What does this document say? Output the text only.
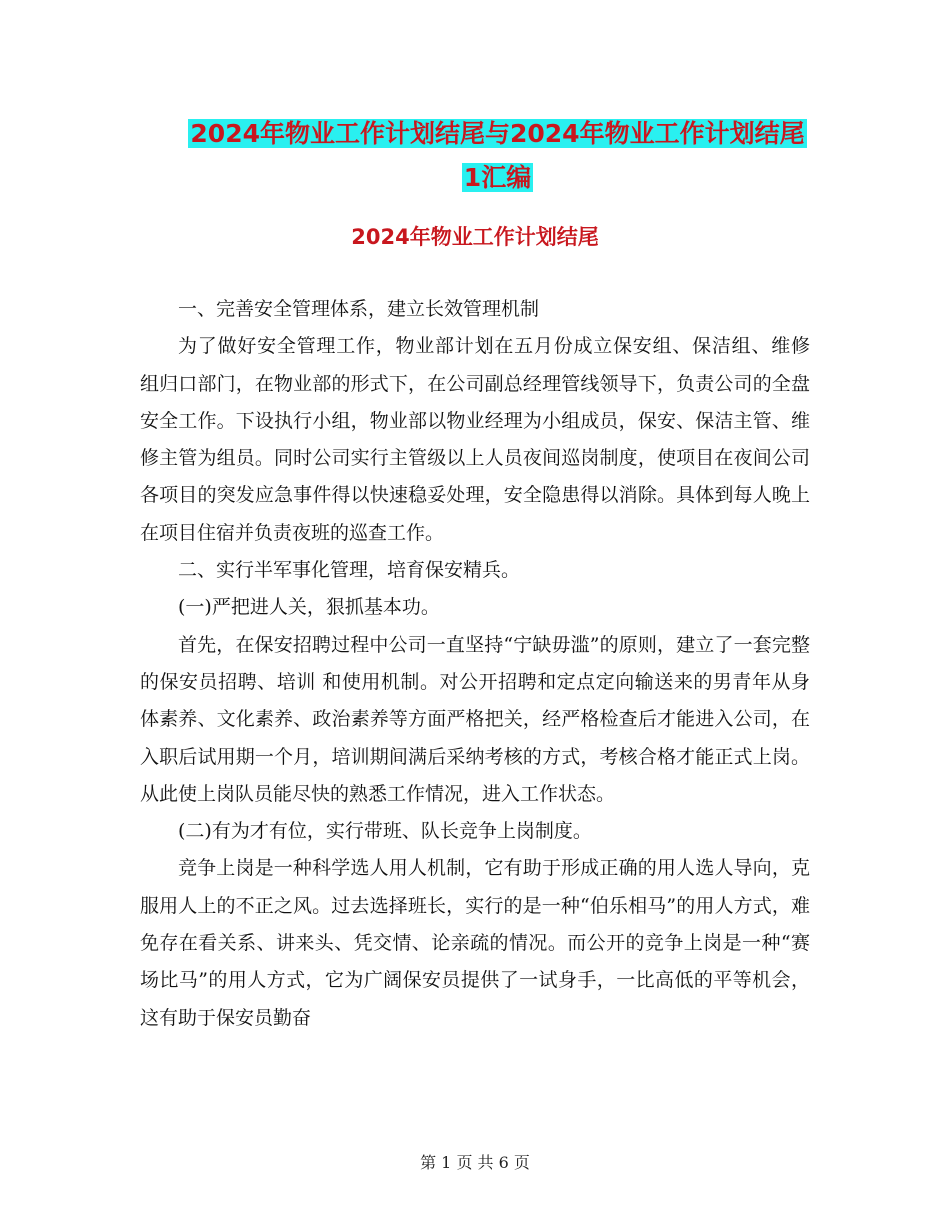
2024年物业工作计划结尾与2024年物业工作计划结尾
1汇编
2024年物业工作计划结尾

一、完善安全管理体系，建立长效管理机制

为了做好安全管理工作，物业部计划在五月份成立保安组、保洁组、维修 组归口部门，在物业部的形式下，在公司副总经理管线领导下，负责公司的全盘安全工作。下设执行小组，物业部以物业经理为小组成员，保安、保洁主管、维修主管为组员。同时公司实行主管级以上人员夜间巡岗制度，使项目在夜间公司各项目的突发应急事件得以快速稳妥处理，安全隐患得以消除。具体到每人晚上在项目住宿并负责夜班的巡查工作。

二、实行半军事化管理，培育保安精兵。

(一)严把进人关，狠抓基本功。

首先，在保安招聘过程中公司一直坚持“宁缺毋滥”的原则，建立了一套完整的保安员招聘、培训 和使用机制。对公开招聘和定点定向输送来的男青年从身体素养、文化素养、政治素养等方面严格把关，经严格检查后才能进入公司，在入职后试用期一个月，培训期间满后采纳考核的方式，考核合格才能正式上岗。从此使上岗队员能尽快的熟悉工作情况，进入工作状态。

(二)有为才有位，实行带班、队长竞争上岗制度。

竞争上岗是一种科学选人用人机制，它有助于形成正确的用人选人导向，克服用人上的不正之风。过去选择班长，实行的是一种“伯乐相马”的用人方式，难免存在看关系、讲来头、凭交情、论亲疏的情况。而公开的竞争上岗是一种“赛场比马”的用人方式，它为广阔保安员提供了一试身手，一比高低的平等机会，这有助于保安员勤奋

第 1 页 共 6 页
